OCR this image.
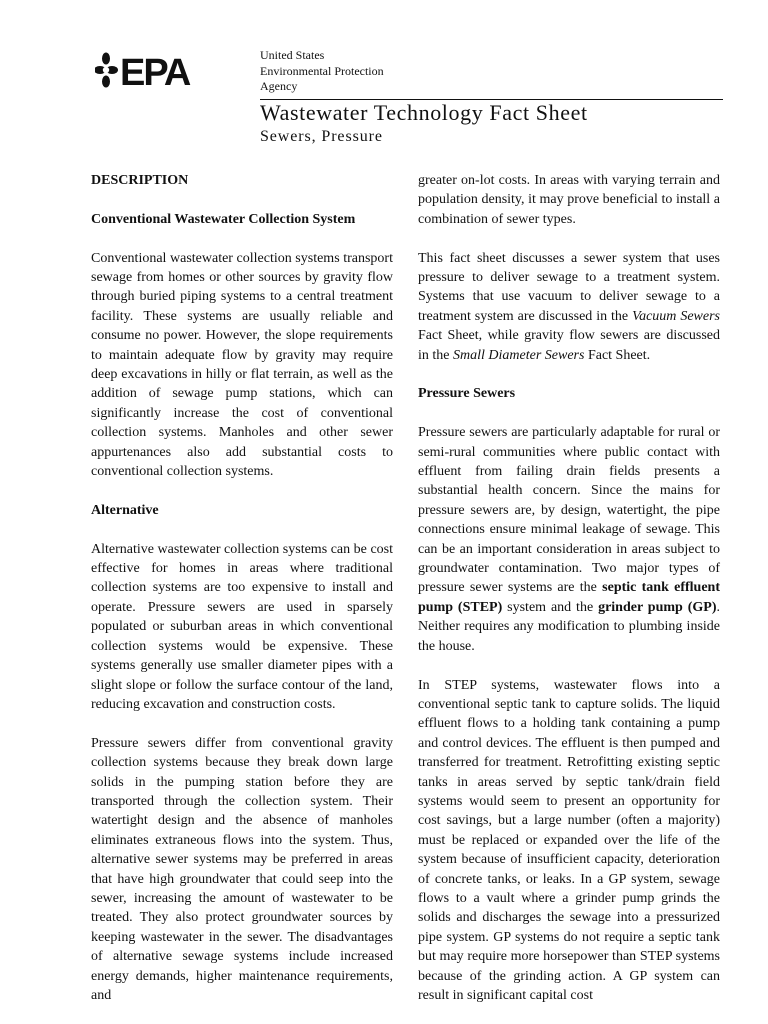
EPA	United States
Environmental Protection
Agency
Wastewater Technology Fact Sheet
Sewers, Pressure

DESCRIPTION

Conventional Wastewater Collection System

Conventional wastewater collection systems transport sewage from homes or other sources by gravity flow through buried piping systems to a central treatment facility. These systems are usually reliable and consume no power. However, the slope requirements to maintain adequate flow by gravity may require deep excavations in hilly or flat terrain, as well as the addition of sewage pump stations, which can significantly increase the cost of conventional collection systems. Manholes and other sewer appurtenances also add substantial costs to conventional collection systems.

Alternative

Alternative wastewater collection systems can be cost effective for homes in areas where traditional collection systems are too expensive to install and operate. Pressure sewers are used in sparsely populated or suburban areas in which conventional collection systems would be expensive. These systems generally use smaller diameter pipes with a slight slope or follow the surface contour of the land, reducing excavation and construction costs.

Pressure sewers differ from conventional gravity collection systems because they break down large solids in the pumping station before they are transported through the collection system. Their watertight design and the absence of manholes eliminates extraneous flows into the system. Thus, alternative sewer systems may be preferred in areas that have high groundwater that could seep into the sewer, increasing the amount of wastewater to be treated. They also protect groundwater sources by keeping wastewater in the sewer. The disadvantages of alternative sewage systems include increased energy demands, higher maintenance requirements, and

greater on-lot costs. In areas with varying terrain and population density, it may prove beneficial to install a combination of sewer types.

This fact sheet discusses a sewer system that uses pressure to deliver sewage to a treatment system. Systems that use vacuum to deliver sewage to a treatment system are discussed in the Vacuum Sewers Fact Sheet, while gravity flow sewers are discussed in the Small Diameter Sewers Fact Sheet.

Pressure Sewers

Pressure sewers are particularly adaptable for rural or semi-rural communities where public contact with effluent from failing drain fields presents a substantial health concern. Since the mains for pressure sewers are, by design, watertight, the pipe connections ensure minimal leakage of sewage. This can be an important consideration in areas subject to groundwater contamination. Two major types of pressure sewer systems are the septic tank effluent pump (STEP) system and the grinder pump (GP). Neither requires any modification to plumbing inside the house.

In STEP systems, wastewater flows into a conventional septic tank to capture solids. The liquid effluent flows to a holding tank containing a pump and control devices. The effluent is then pumped and transferred for treatment. Retrofitting existing septic tanks in areas served by septic tank/drain field systems would seem to present an opportunity for cost savings, but a large number (often a majority) must be replaced or expanded over the life of the system because of insufficient capacity, deterioration of concrete tanks, or leaks. In a GP system, sewage flows to a vault where a grinder pump grinds the solids and discharges the sewage into a pressurized pipe system. GP systems do not require a septic tank but may require more horsepower than STEP systems because of the grinding action. A GP system can result in significant capital cost
